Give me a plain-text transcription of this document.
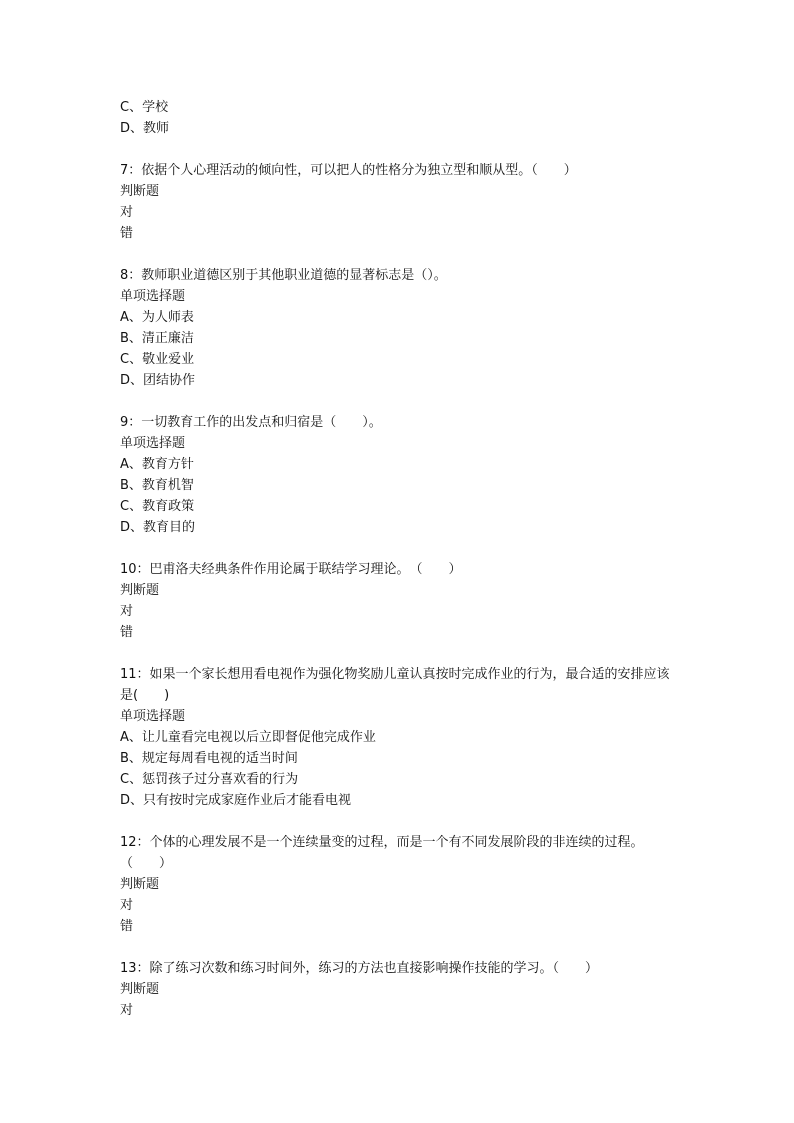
C、学校
D、教师
7：依据个人心理活动的倾向性，可以把人的性格分为独立型和顺从型。（　　）
判断题
对
错
8：教师职业道德区别于其他职业道德的显著标志是（）。
单项选择题
A、为人师表
B、清正廉洁
C、敬业爱业
D、团结协作
9：一切教育工作的出发点和归宿是（　　）。
单项选择题
A、教育方针
B、教育机智
C、教育政策
D、教育目的
10：巴甫洛夫经典条件作用论属于联结学习理论。　（　　）
判断题
对
错
11：如果一个家长想用看电视作为强化物奖励儿童认真按时完成作业的行为，最合适的安排应该是(　　)
单项选择题
A、让儿童看完电视以后立即督促他完成作业
B、规定每周看电视的适当时间
C、惩罚孩子过分喜欢看的行为
D、只有按时完成家庭作业后才能看电视
12：个体的心理发展不是一个连续量变的过程，而是一个有不同发展阶段的非连续的过程。（　　）
判断题
对
错
13：除了练习次数和练习时间外，练习的方法也直接影响操作技能的学习。（　　）
判断题
对
